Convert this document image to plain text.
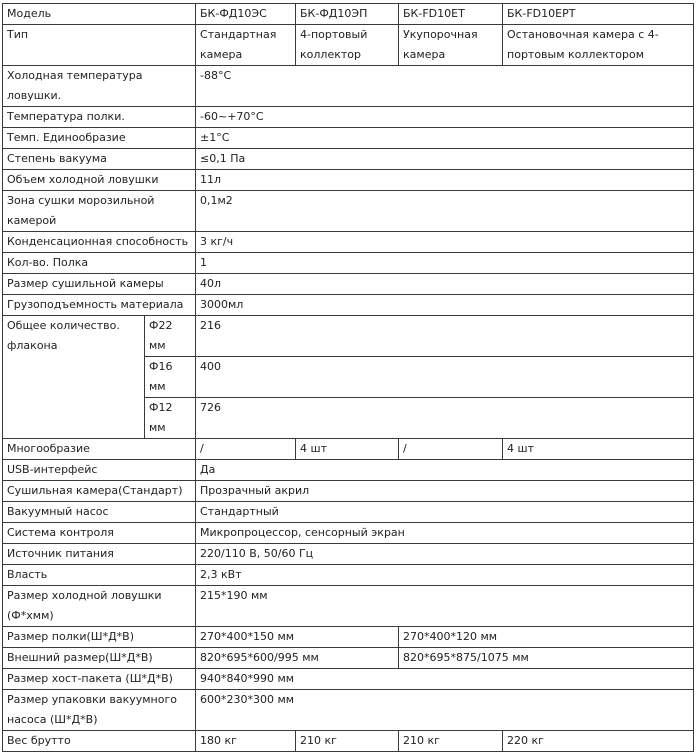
Модель		БК-ФД10ЭС	БК-ФД10ЭП	БК-FD10ET	БК-FD10EPT
Тип		Стандартная камера	4-портовый коллектор	Укупорочная камера	Остановочная камера с 4-портовым коллектором
Холодная температура ловушки.		-88°C			
Температура полки.		-60~+70°C			
Темп. Единообразие		±1°C			
Степень вакуума		≤0,1 Па			
Объем холодной ловушки		11л			
Зона сушки морозильной камерой		0,1м2			
Конденсационная способность		3 кг/ч			
Кол-во. Полка		1			
Размер сушильной камеры		40л			
Грузоподъемность материала		3000мл			
Общее количество. флакона	Ф22 мм	216			
	Ф16 мм	400			
	Ф12 мм	726			
Многообразие		/	4 шт	/	4 шт
USB-интерфейс		Да			
Сушильная камера(Стандарт)		Прозрачный акрил			
Вакуумный насос		Стандартный			
Система контроля		Микропроцессор, сенсорный экран			
Источник питания		220/110 В, 50/60 Гц			
Власть		2,3 кВт			
Размер холодной ловушки (Ф*хмм)		215*190 мм			
Размер полки(Ш*Д*В)		270*400*150 мм		270*400*120 мм	
Внешний размер(Ш*Д*В)		820*695*600/995 мм		820*695*875/1075 мм	
Размер хост-пакета (Ш*Д*В)		940*840*990 мм			
Размер упаковки вакуумного насоса (Ш*Д*В)		600*230*300 мм			
Вес брутто		180 кг	210 кг	210 кг	220 кг
